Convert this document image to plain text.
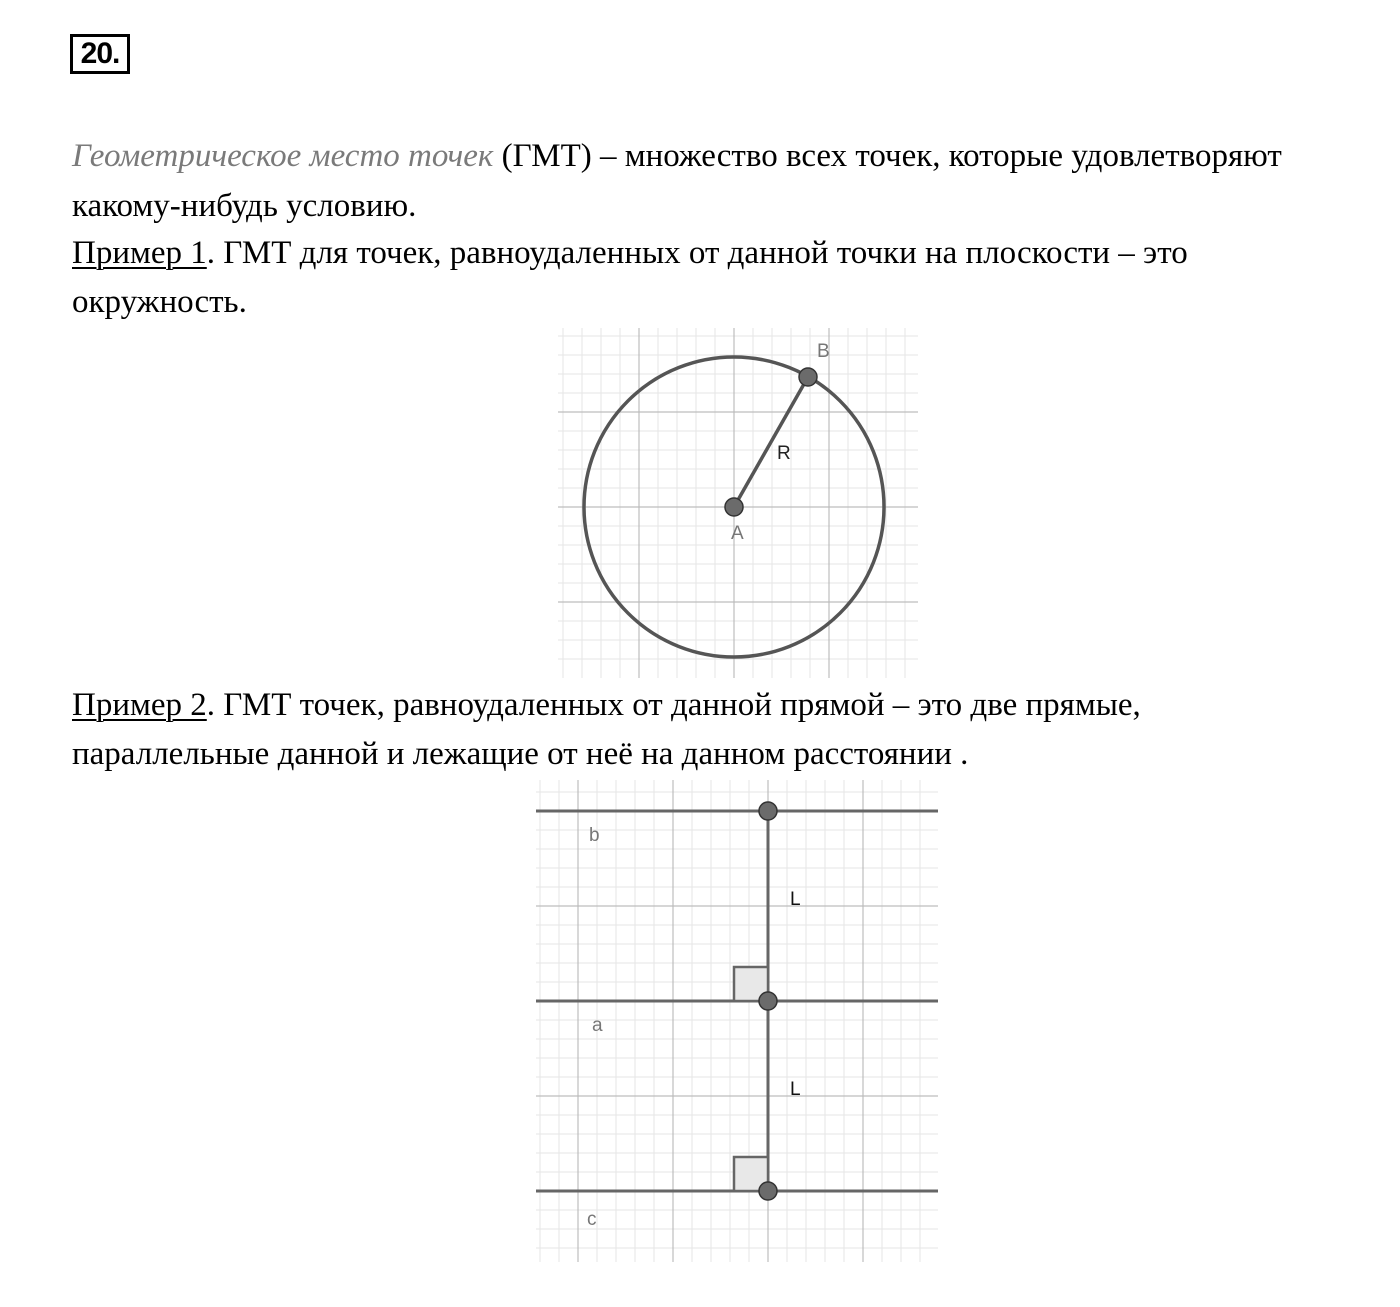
20.
Геометрическое место точек (ГМТ) – множество всех точек, которые удовлетворяют
какому-нибудь условию.
Пример 1. ГМТ для точек, равноудаленных от данной точки на плоскости – это
окружность.
B
R
A
Пример 2. ГМТ точек, равноудаленных от данной прямой – это две прямые,
параллельные данной и лежащие от неё на данном расстоянии .
b
a
c
L
L
